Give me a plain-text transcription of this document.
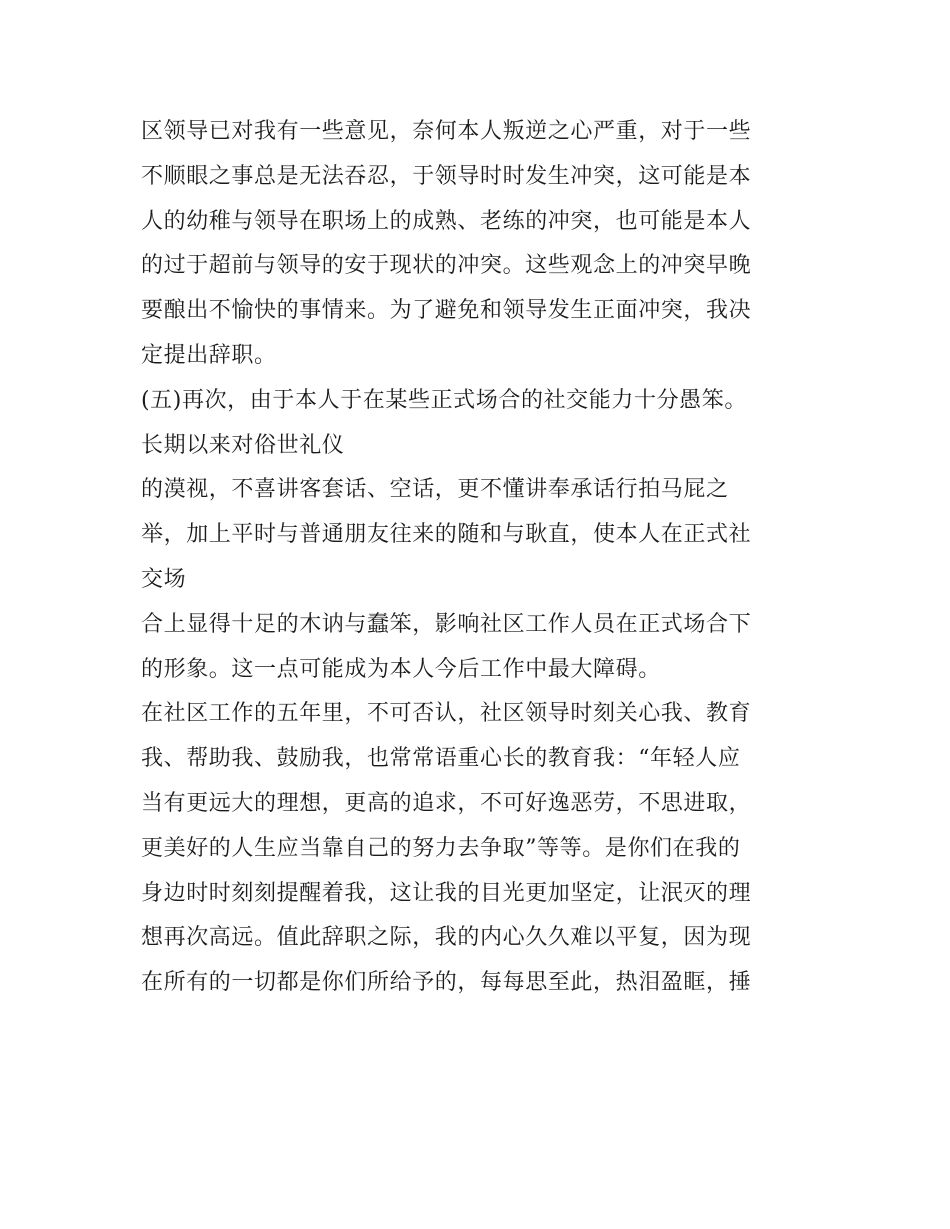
区领导已对我有一些意见，奈何本人叛逆之心严重，对于一些
不顺眼之事总是无法吞忍，于领导时时发生冲突，这可能是本
人的幼稚与领导在职场上的成熟、老练的冲突，也可能是本人
的过于超前与领导的安于现状的冲突。这些观念上的冲突早晚
要酿出不愉快的事情来。为了避免和领导发生正面冲突，我决
定提出辞职。
(五)再次，由于本人于在某些正式场合的社交能力十分愚笨。
长期以来对俗世礼仪
的漠视，不喜讲客套话、空话，更不懂讲奉承话行拍马屁之
举，加上平时与普通朋友往来的随和与耿直，使本人在正式社
交场
合上显得十足的木讷与蠢笨，影响社区工作人员在正式场合下
的形象。这一点可能成为本人今后工作中最大障碍。
在社区工作的五年里，不可否认，社区领导时刻关心我、教育
我、帮助我、鼓励我，也常常语重心长的教育我：“年轻人应
当有更远大的理想，更高的追求，不可好逸恶劳，不思进取，
更美好的人生应当靠自己的努力去争取”等等。是你们在我的
身边时时刻刻提醒着我，这让我的目光更加坚定，让泯灭的理
想再次高远。值此辞职之际，我的内心久久难以平复，因为现
在所有的一切都是你们所给予的，每每思至此，热泪盈眶，捶
